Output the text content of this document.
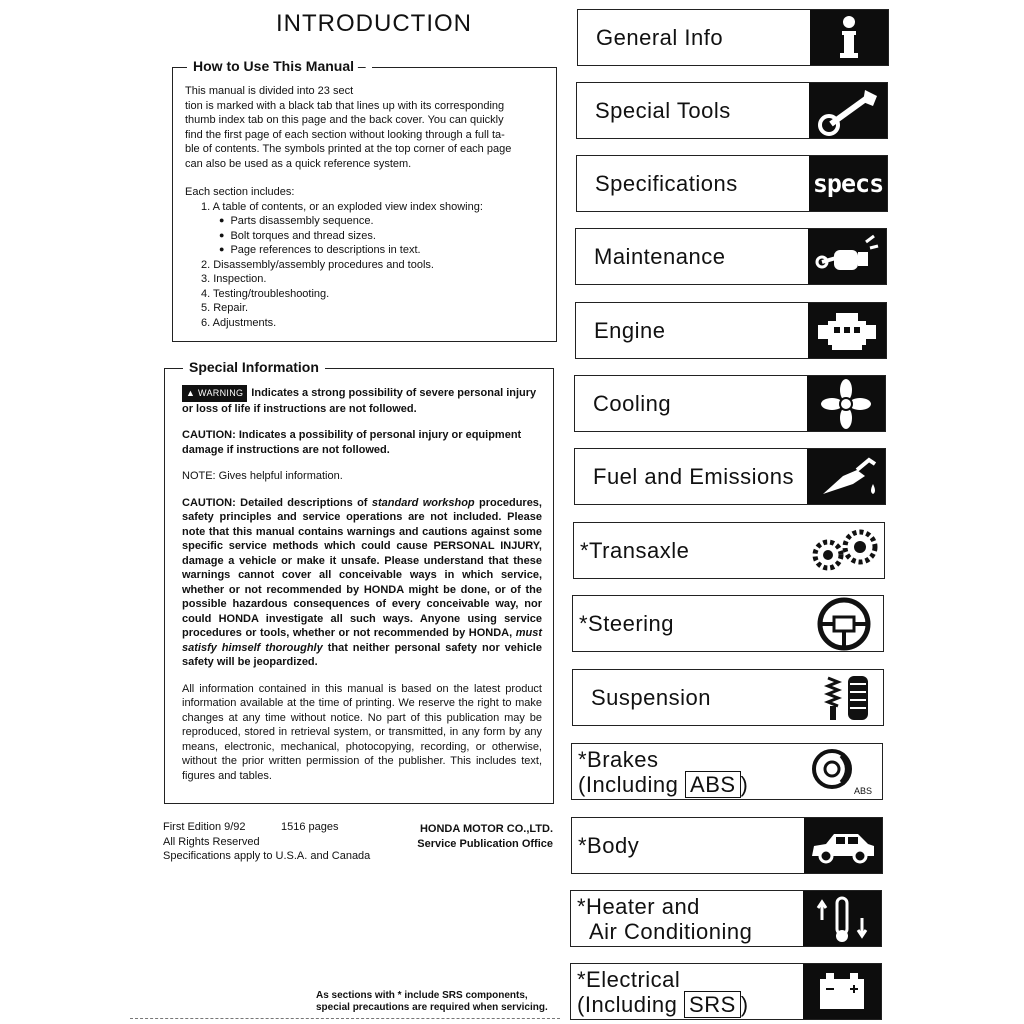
INTRODUCTION
How to Use This Manual –

This manual is divided into 23 sect

tion is marked with a black tab that lines up with its corresponding

thumb index tab on this page and the back cover. You can quickly

find the first page of each section without looking through a full ta-

ble of contents. The symbols printed at the top corner of each page

can also be used as a quick reference system.

Each section includes:

1. A table of contents, or an exploded view index showing:

● Parts disassembly sequence.
● Bolt torques and thread sizes.
● Page references to descriptions in text.

2. Disassembly/assembly procedures and tools.

3. Inspection.

4. Testing/troubleshooting.

5. Repair.

6. Adjustments.

Special Information

▲ WARNING Indicates a strong possibility of severe personal injury or loss of life if instructions are not followed.

CAUTION: Indicates a possibility of personal injury or equipment damage if instructions are not followed.

NOTE: Gives helpful information.

CAUTION: Detailed descriptions of standard workshop procedures, safety principles and service operations are not included. Please note that this manual contains warnings and cautions against some specific service methods which could cause PERSONAL INJURY, damage a vehicle or make it unsafe. Please understand that these warnings cannot cover all conceivable ways in which service, whether or not recommended by HONDA might be done, or of the possible hazardous consequences of every conceivable way, nor could HONDA investigate all such ways. Anyone using service procedures or tools, whether or not recommended by HONDA, must satisfy himself thoroughly that neither personal safety nor vehicle safety will be jeopardized.

All information contained in this manual is based on the latest product information available at the time of printing. We reserve the right to make changes at any time without notice. No part of this publication may be reproduced, stored in retrieval system, or transmitted, in any form by any means, electronic, mechanical, photocopying, recording, or otherwise, without the prior written permission of the publisher. This includes text, figures and tables.

First Edition 9/92	1516 pages
All Rights Reserved
Specifications apply to U.S.A. and Canada
HONDA MOTOR CO.,LTD.
Service Publication Office
As sections with * include SRS components,
special precautions are required when servicing.
General Info
Special Tools
Specifications	specs
Maintenance
Engine
Cooling
Fuel and Emissions
*Transaxle
*Steering
Suspension
*Brakes
(Including ABS )	ABS
*Body
*Heater and
Air Conditioning
*Electrical
(Including SRS )
